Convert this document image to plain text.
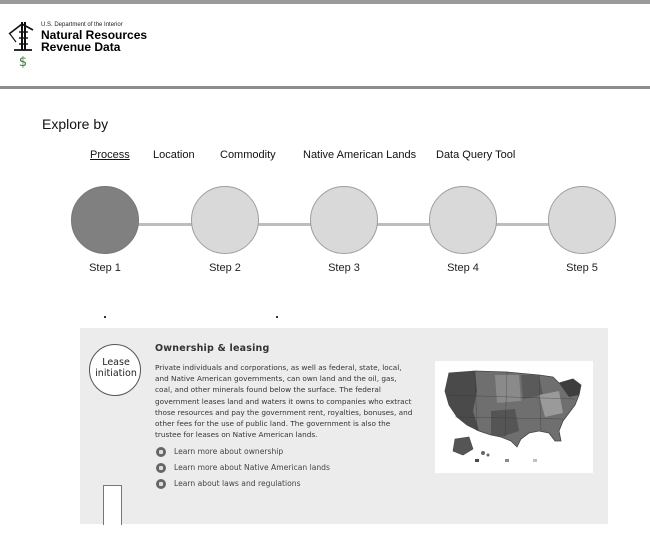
$
U.S. Department of the Interior
Natural Resources
Revenue Data
Explore by
Process Location Commodity Native American Lands Data Query Tool
Step 1	Step 2	Step 3	Step 4	Step 5
Lease
initiation
Ownership & leasing
Private individuals and corporations, as well as federal, state, local,
and Native American governments, can own land and the oil, gas,
coal, and other minerals found below the surface. The federal
government leases land and waters it owns to companies who extract
those resources and pay the government rent, royalties, bonuses, and
other fees for the use of public land. The government is also the
trustee for leases on Native American lands.
Learn more about ownership
Learn more about Native American lands
Learn about laws and regulations
